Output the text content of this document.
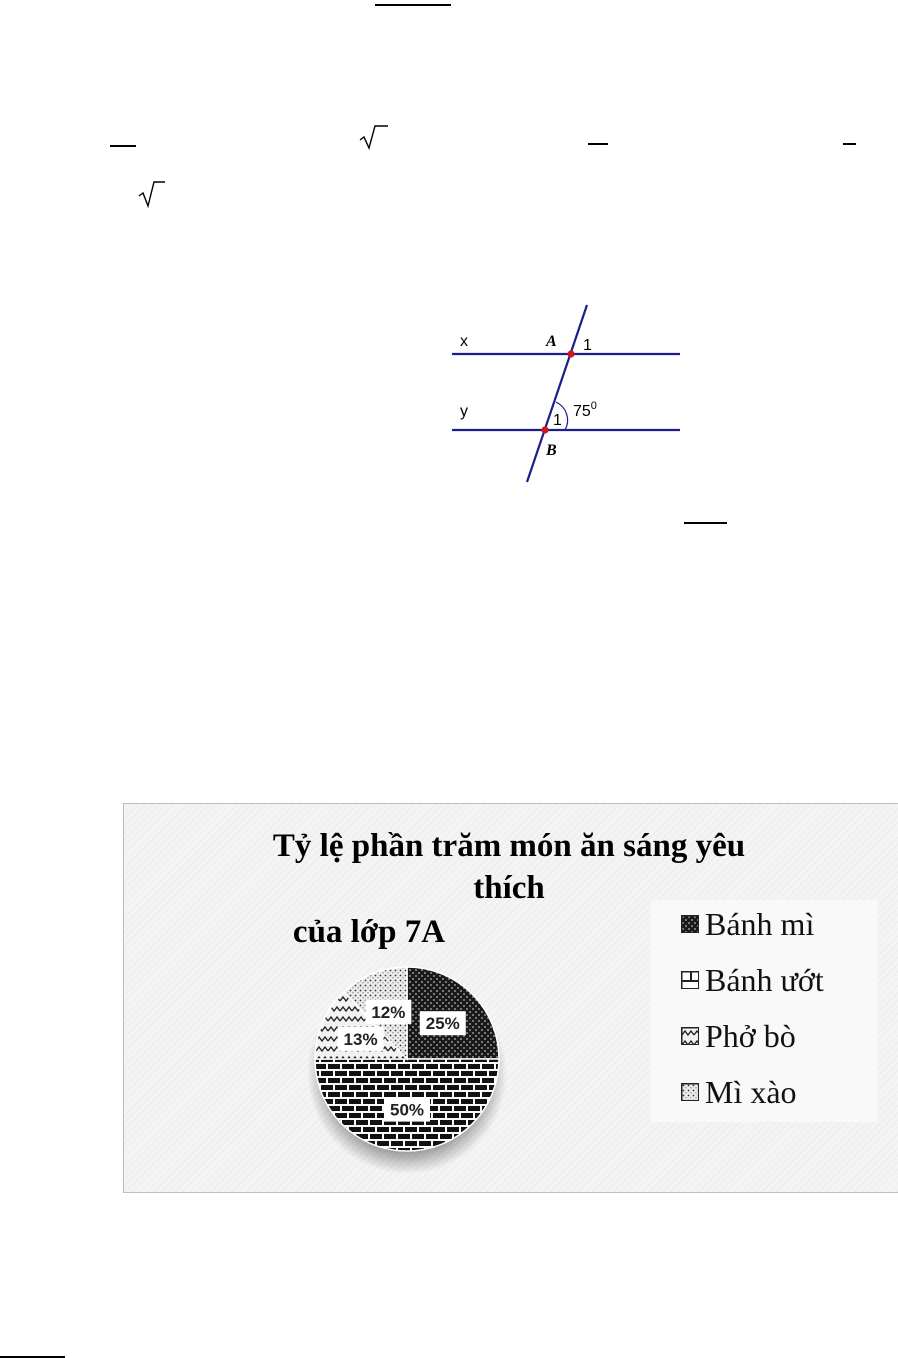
x
y
A 1
1
$75^0$
B
Tỷ lệ phần trăm món ăn sáng yêu
thích
của lớp 7A
25%
50%
13%
12%
Bánh mì
Bánh ướt
Phở bò
Mì xào
